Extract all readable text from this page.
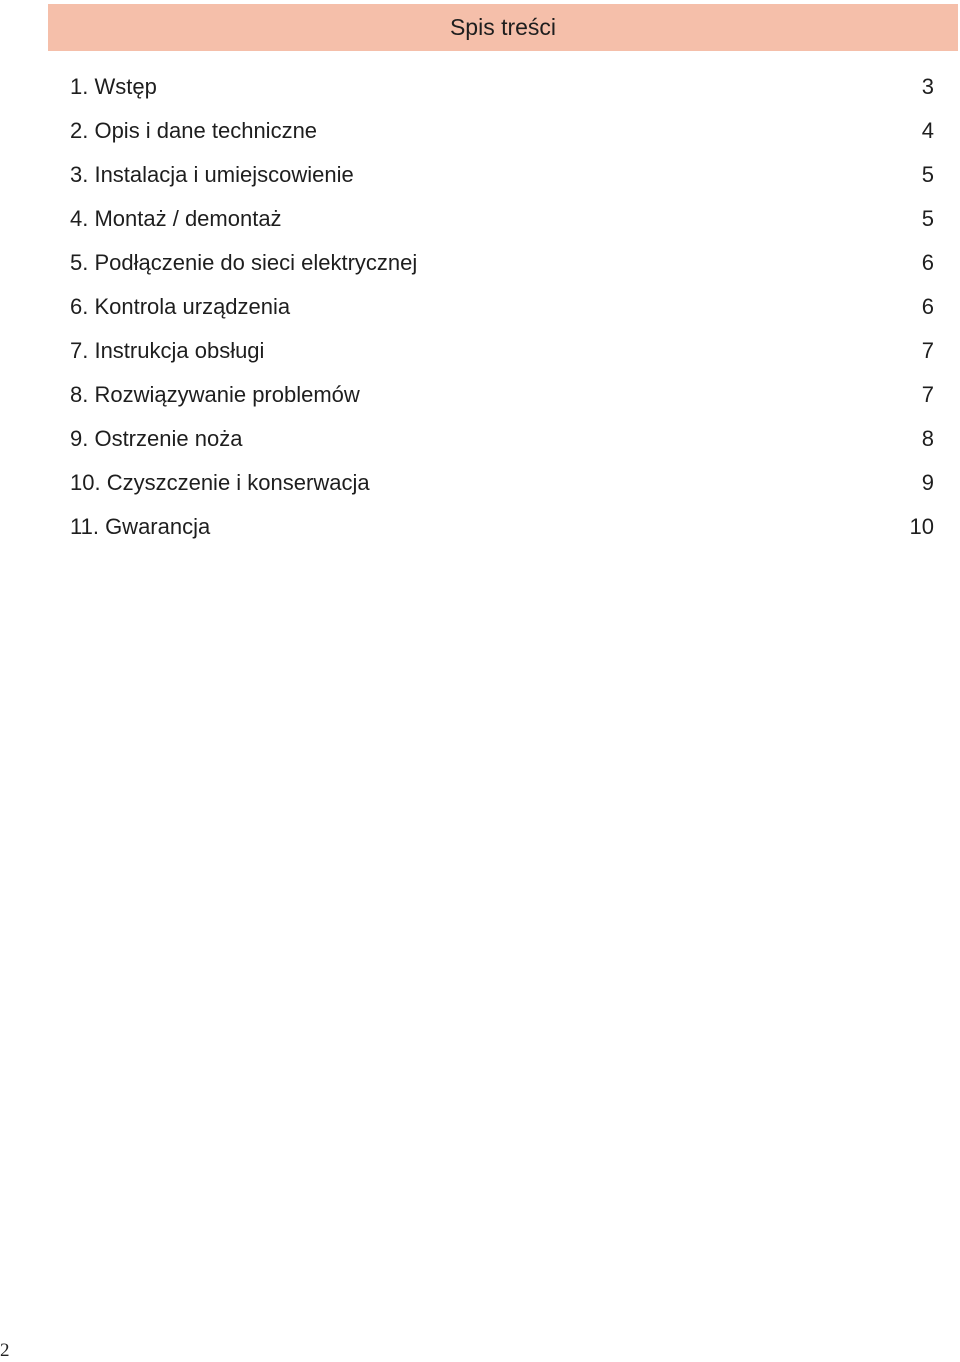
Spis treści
1. Wstęp	3
2. Opis i dane techniczne	4
3. Instalacja i umiejscowienie	5
4. Montaż / demontaż	5
5. Podłączenie do sieci elektrycznej	6
6. Kontrola urządzenia	6
7. Instrukcja obsługi	7
8. Rozwiązywanie problemów	7
9. Ostrzenie noża	8
10. Czyszczenie i konserwacja	9
11. Gwarancja	10
2
